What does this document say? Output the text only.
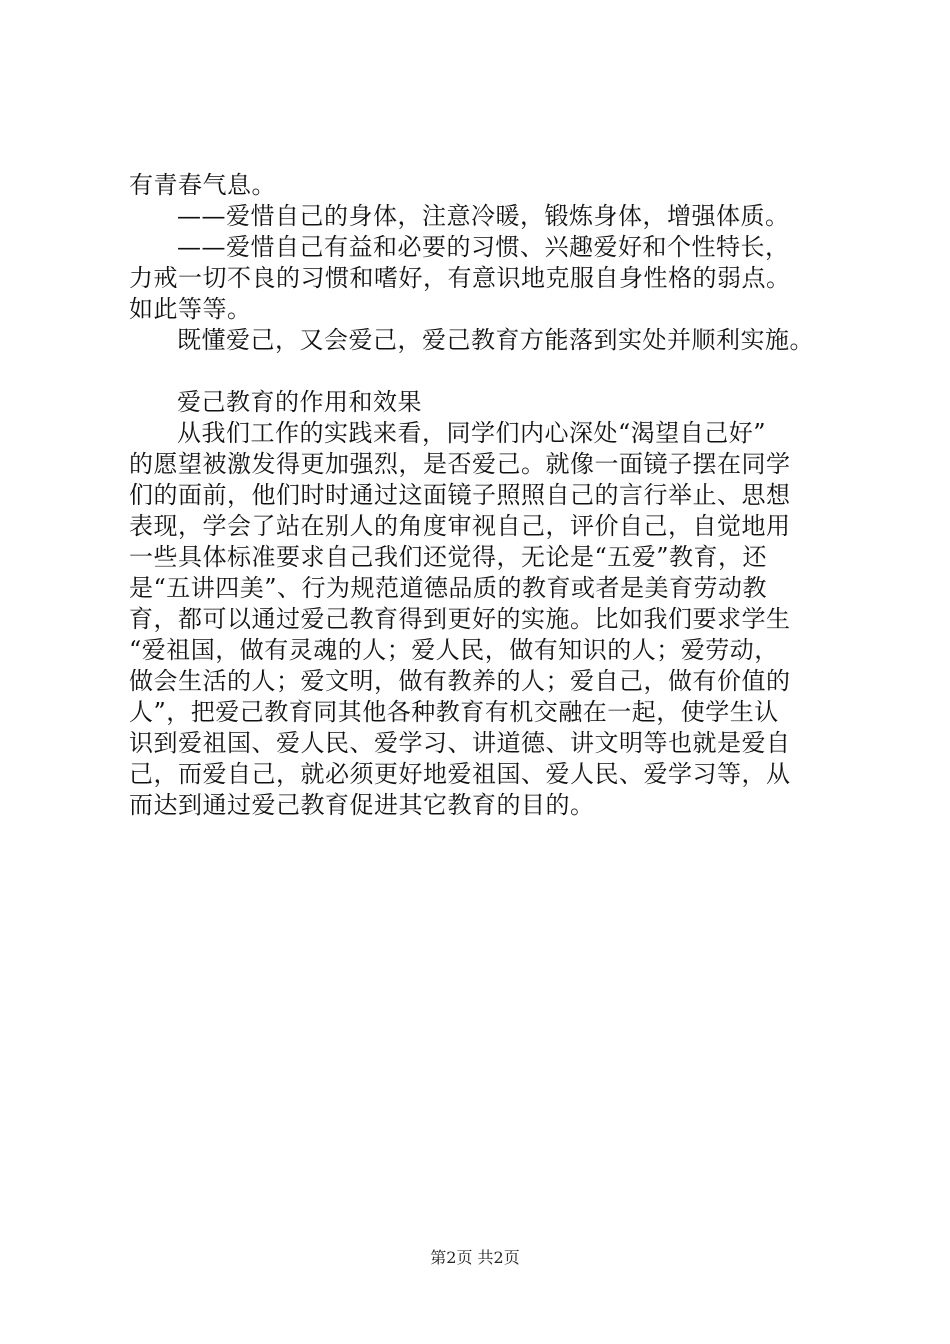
有青春气息。
——爱惜自己的身体，注意冷暖，锻炼身体，增强体质。
——爱惜自己有益和必要的习惯、兴趣爱好和个性特长，
力戒一切不良的习惯和嗜好，有意识地克服自身性格的弱点。
如此等等。
既懂爱己，又会爱己，爱己教育方能落到实处并顺利实施。
爱己教育的作用和效果
从我们工作的实践来看，同学们内心深处“渴望自己好”
的愿望被激发得更加强烈，是否爱己。就像一面镜子摆在同学
们的面前，他们时时通过这面镜子照照自己的言行举止、思想
表现，学会了站在别人的角度审视自己，评价自己，自觉地用
一些具体标准要求自己我们还觉得，无论是“五爱”教育，还
是“五讲四美”、行为规范道德品质的教育或者是美育劳动教
育，都可以通过爱己教育得到更好的实施。比如我们要求学生
“爱祖国，做有灵魂的人；爱人民，做有知识的人；爱劳动，
做会生活的人；爱文明，做有教养的人；爱自己，做有价值的
人”，把爱己教育同其他各种教育有机交融在一起，使学生认
识到爱祖国、爱人民、爱学习、讲道德、讲文明等也就是爱自
己，而爱自己，就必须更好地爱祖国、爱人民、爱学习等，从
而达到通过爱己教育促进其它教育的目的。
第2页 共2页
